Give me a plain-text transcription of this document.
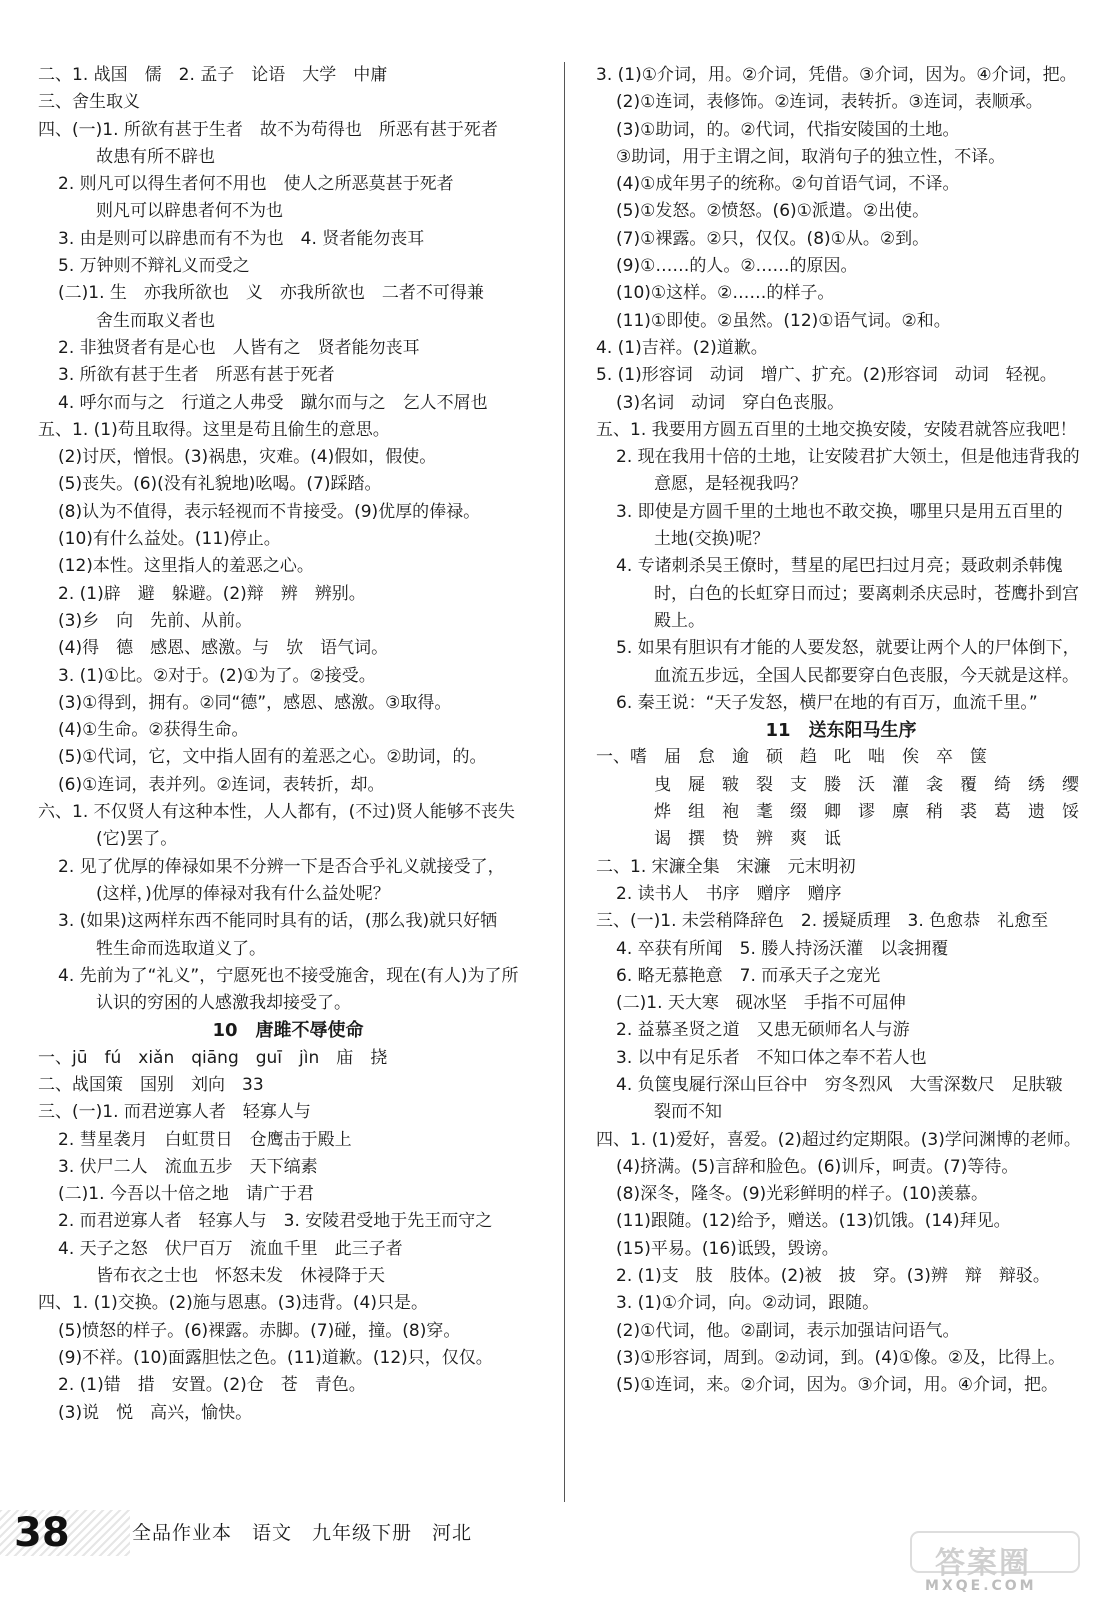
二、1. 战国　儒　2. 孟子　论语　大学　中庸
三、舍生取义
四、(一)1. 所欲有甚于生者　故不为苟得也　所恶有甚于死者
故患有所不辟也
2. 则凡可以得生者何不用也　使人之所恶莫甚于死者
则凡可以辟患者何不为也
3. 由是则可以辟患而有不为也　4. 贤者能勿丧耳
5. 万钟则不辩礼义而受之
(二)1. 生　亦我所欲也　义　亦我所欲也　二者不可得兼
舍生而取义者也
2. 非独贤者有是心也　人皆有之　贤者能勿丧耳
3. 所欲有甚于生者　所恶有甚于死者
4. 呼尔而与之　行道之人弗受　蹴尔而与之　乞人不屑也
五、1. (1)苟且取得。这里是苟且偷生的意思。
(2)讨厌，憎恨。(3)祸患，灾难。(4)假如，假使。
(5)丧失。(6)(没有礼貌地)吆喝。(7)踩踏。
(8)认为不值得，表示轻视而不肯接受。(9)优厚的俸禄。
(10)有什么益处。(11)停止。
(12)本性。这里指人的羞恶之心。
2. (1)辟　避　躲避。(2)辩　辨　辨别。
(3)乡　向　先前、从前。
(4)得　德　感恩、感激。与　欤　语气词。
3. (1)①比。②对于。(2)①为了。②接受。
(3)①得到，拥有。②同“德”，感恩、感激。③取得。
(4)①生命。②获得生命。
(5)①代词，它，文中指人固有的羞恶之心。②助词，的。
(6)①连词，表并列。②连词，表转折，却。
六、1. 不仅贤人有这种本性，人人都有，(不过)贤人能够不丧失
(它)罢了。
2. 见了优厚的俸禄如果不分辨一下是否合乎礼义就接受了，
(这样，)优厚的俸禄对我有什么益处呢？
3. (如果)这两样东西不能同时具有的话，(那么我)就只好牺
牲生命而选取道义了。
4. 先前为了“礼义”，宁愿死也不接受施舍，现在(有人)为了所
认识的穷困的人感激我却接受了。
10　唐雎不辱使命
一、jū　fú　xiǎn　qiāng　guī　jìn　庙　挠
二、战国策　国别　刘向　33
三、(一)1. 而君逆寡人者　轻寡人与
2. 彗星袭月　白虹贯日　仓鹰击于殿上
3. 伏尸二人　流血五步　天下缟素
(二)1. 今吾以十倍之地　请广于君
2. 而君逆寡人者　轻寡人与　3. 安陵君受地于先王而守之
4. 天子之怒　伏尸百万　流血千里　此三子者
皆布衣之士也　怀怒未发　休祲降于天
四、1. (1)交换。(2)施与恩惠。(3)违背。(4)只是。
(5)愤怒的样子。(6)裸露。赤脚。(7)碰，撞。(8)穿。
(9)不祥。(10)面露胆怯之色。(11)道歉。(12)只，仅仅。
2. (1)错　措　安置。(2)仓　苍　青色。
(3)说　悦　高兴，愉快。
3. (1)①介词，用。②介词，凭借。③介词，因为。④介词，把。
(2)①连词，表修饰。②连词，表转折。③连词，表顺承。
(3)①助词，的。②代词，代指安陵国的土地。
③助词，用于主谓之间，取消句子的独立性，不译。
(4)①成年男子的统称。②句首语气词，不译。
(5)①发怒。②愤怒。(6)①派遣。②出使。
(7)①裸露。②只，仅仅。(8)①从。②到。
(9)①……的人。②……的原因。
(10)①这样。②……的样子。
(11)①即使。②虽然。(12)①语气词。②和。
4. (1)吉祥。(2)道歉。
5. (1)形容词　动词　增广、扩充。(2)形容词　动词　轻视。
(3)名词　动词　穿白色丧服。
五、1. 我要用方圆五百里的土地交换安陵，安陵君就答应我吧！
2. 现在我用十倍的土地，让安陵君扩大领土，但是他违背我的
意愿，是轻视我吗？
3. 即使是方圆千里的土地也不敢交换，哪里只是用五百里的
土地(交换)呢？
4. 专诸刺杀吴王僚时，彗星的尾巴扫过月亮；聂政刺杀韩傀
时，白色的长虹穿日而过；要离刺杀庆忌时，苍鹰扑到宫
殿上。
5. 如果有胆识有才能的人要发怒，就要让两个人的尸体倒下，
血流五步远，全国人民都要穿白色丧服，今天就是这样。
6. 秦王说：“天子发怒，横尸在地的有百万，血流千里。”
11　送东阳马生序
一、嗜　届　怠　逾　硕　趋　叱　咄　俟　卒　箧
曳　屣　皲　裂　支　媵　沃　灌　衾　覆　绮　绣　缨
烨　组　袍　耄　缀　卿　谬　廪　稍　裘　葛　遗　馁
谒　撰　贽　辨　爽　诋
二、1. 宋濂全集　宋濂　元末明初
2. 读书人　书序　赠序　赠序
三、(一)1. 未尝稍降辞色　2. 援疑质理　3. 色愈恭　礼愈至
4. 卒获有所闻　5. 媵人持汤沃灌　以衾拥覆
6. 略无慕艳意　7. 而承天子之宠光
(二)1. 天大寒　砚冰坚　手指不可屈伸
2. 益慕圣贤之道　又患无硕师名人与游
3. 以中有足乐者　不知口体之奉不若人也
4. 负箧曳屣行深山巨谷中　穷冬烈风　大雪深数尺　足肤皲
裂而不知
四、1. (1)爱好，喜爱。(2)超过约定期限。(3)学问渊博的老师。
(4)挤满。(5)言辞和脸色。(6)训斥，呵责。(7)等待。
(8)深冬，隆冬。(9)光彩鲜明的样子。(10)羡慕。
(11)跟随。(12)给予，赠送。(13)饥饿。(14)拜见。
(15)平易。(16)诋毁，毁谤。
2. (1)支　肢　肢体。(2)被　披　穿。(3)辨　辩　辩驳。
3. (1)①介词，向。②动词，跟随。
(2)①代词，他。②副词，表示加强诘问语气。
(3)①形容词，周到。②动词，到。(4)①像。②及，比得上。
(5)①连词，来。②介词，因为。③介词，用。④介词，把。
38	全品作业本　语文　九年级下册　河北
答案圈
MXQE.COM
